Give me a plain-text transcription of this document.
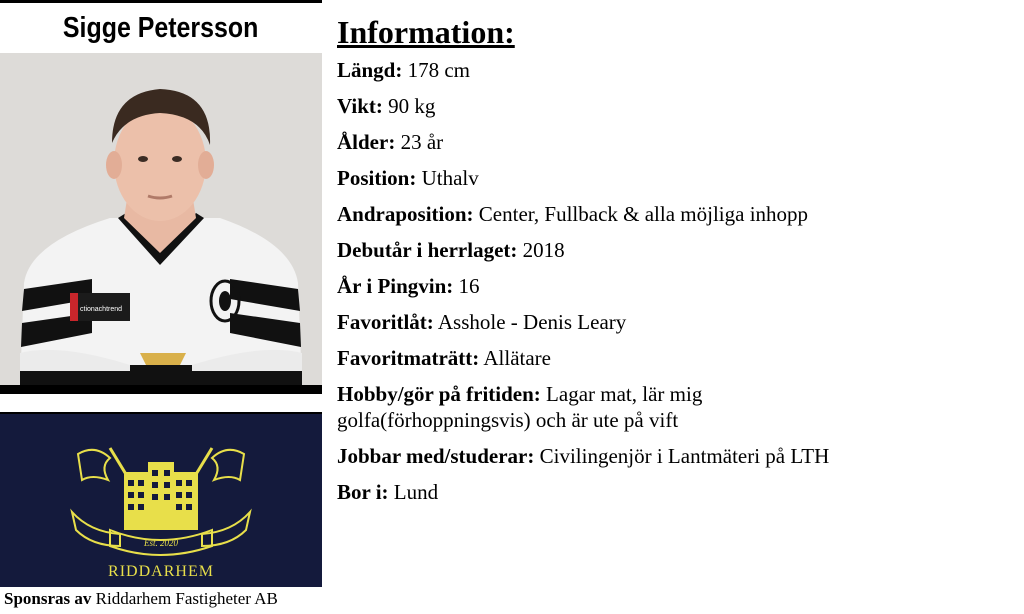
Sigge Petersson
ctionachtrend
Est. 2020
RIDDARHEM
Sponsras av Riddarhem Fastigheter AB
Information:
Längd: 178 cm
Vikt: 90 kg
Ålder: 23 år
Position: Uthalv
Andraposition: Center, Fullback & alla möjliga inhopp
Debutår i herrlaget: 2018
År i Pingvin: 16
Favoritlåt: Asshole - Denis Leary
Favoritmaträtt: Allätare
Hobby/gör på fritiden: Lagar mat, lär mig golfa(förhoppningsvis) och är ute på vift
Jobbar med/studerar: Civilingenjör i Lantmäteri på LTH
Bor i: Lund
